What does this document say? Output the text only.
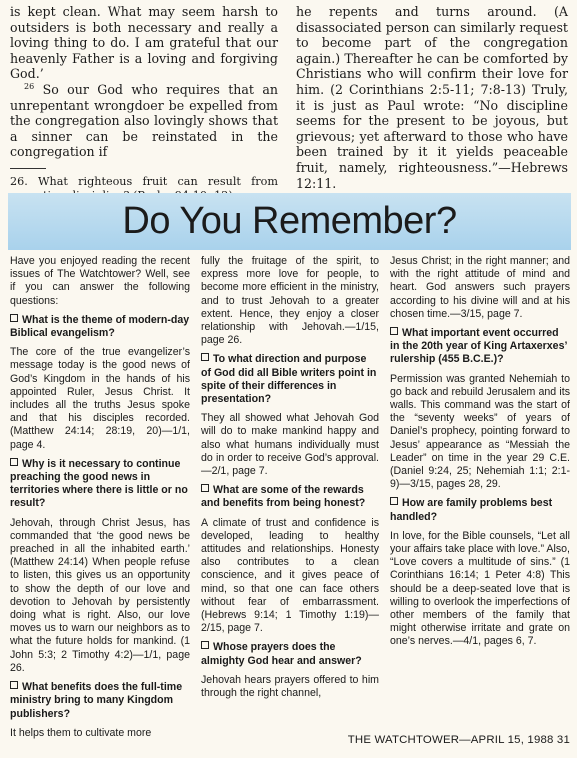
is kept clean. What may seem harsh to outsiders is both necessary and really a loving thing to do. I am grateful that our heavenly Father is a loving and forgiving God.’

$^{26}$ So our God who requires that an unrepentant wrongdoer be expelled from the congregation also lovingly shows that a sinner can be reinstated in the congregation if

26. What righteous fruit can result from

he repents and turns around. (A disassociated person can similarly request to become part of the congregation again.) Thereafter he can be comforted by Christians who will confirm their love for him. (2 Corinthians 2:5-11; 7:8-13) Truly, it is just as Paul wrote: “No discipline seems for the present to be joyous, but grievous; yet afterward to those who have been trained by it it yields peaceable fruit, namely, righteousness.”—Hebrews 12:11.

Do You Remember?

Have you enjoyed reading the recent issues of The Watchtower? Well, see if you can answer the following questions:

What is the theme of modern-day Biblical evangelism?

The core of the true evangelizer’s message today is the good news of God’s Kingdom in the hands of his appointed Ruler, Jesus Christ. It includes all the truths Jesus spoke and that his disciples recorded. (Matthew 24:14; 28:19, 20)—1/1, page 4.

Why is it necessary to continue preaching the good news in territories where there is little or no result?

Jehovah, through Christ Jesus, has commanded that ‘the good news be preached in all the inhabited earth.’ (Matthew 24:14) When people refuse to listen, this gives us an opportunity to show the depth of our love and devotion to Jehovah by persistently doing what is right. Also, our love moves us to warn our neighbors as to what the future holds for mankind. (1 John 5:3; 2 Timothy 4:2)—1/1, page 26.

What benefits does the full-time ministry bring to many Kingdom publishers?

It helps them to cultivate more

fully the fruitage of the spirit, to express more love for people, to become more efficient in the ministry, and to trust Jehovah to a greater extent. Hence, they enjoy a closer relationship with Jehovah.—1/15, page 26.

To what direction and purpose of God did all Bible writers point in spite of their differences in presentation?

They all showed what Jehovah God will do to make mankind happy and also what humans individually must do in order to receive God’s approval.—2/1, page 7.

What are some of the rewards and benefits from being honest?

A climate of trust and confidence is developed, leading to healthy attitudes and relationships. Honesty also contributes to a clean conscience, and it gives peace of mind, so that one can face others without fear of embarrassment. (Hebrews 9:14; 1 Timothy 1:19)—2/15, page 7.

Whose prayers does the almighty God hear and answer?

Jehovah hears prayers offered to him through the right channel,

Jesus Christ; in the right manner; and with the right attitude of mind and heart. God answers such prayers according to his divine will and at his chosen time.—3/15, page 7.

What important event occurred in the 20th year of King Artaxerxes’ rulership (455 B.C.E.)?

Permission was granted Nehemiah to go back and rebuild Jerusalem and its walls. This command was the start of the “seventy weeks” of years of Daniel’s prophecy, pointing forward to Jesus’ appearance as “Messiah the Leader” on time in the year 29 C.E. (Daniel 9:24, 25; Nehemiah 1:1; 2:1-9)—3/15, pages 28, 29.

How are family problems best handled?

In love, for the Bible counsels, “Let all your affairs take place with love.” Also, “Love covers a multitude of sins.” (1 Corinthians 16:14; 1 Peter 4:8) This should be a deep-seated love that is willing to overlook the imperfections of other members of the family that might otherwise irritate and grate on one’s nerves.—4/1, pages 6, 7.

THE WATCHTOWER—APRIL 15, 1988 31
